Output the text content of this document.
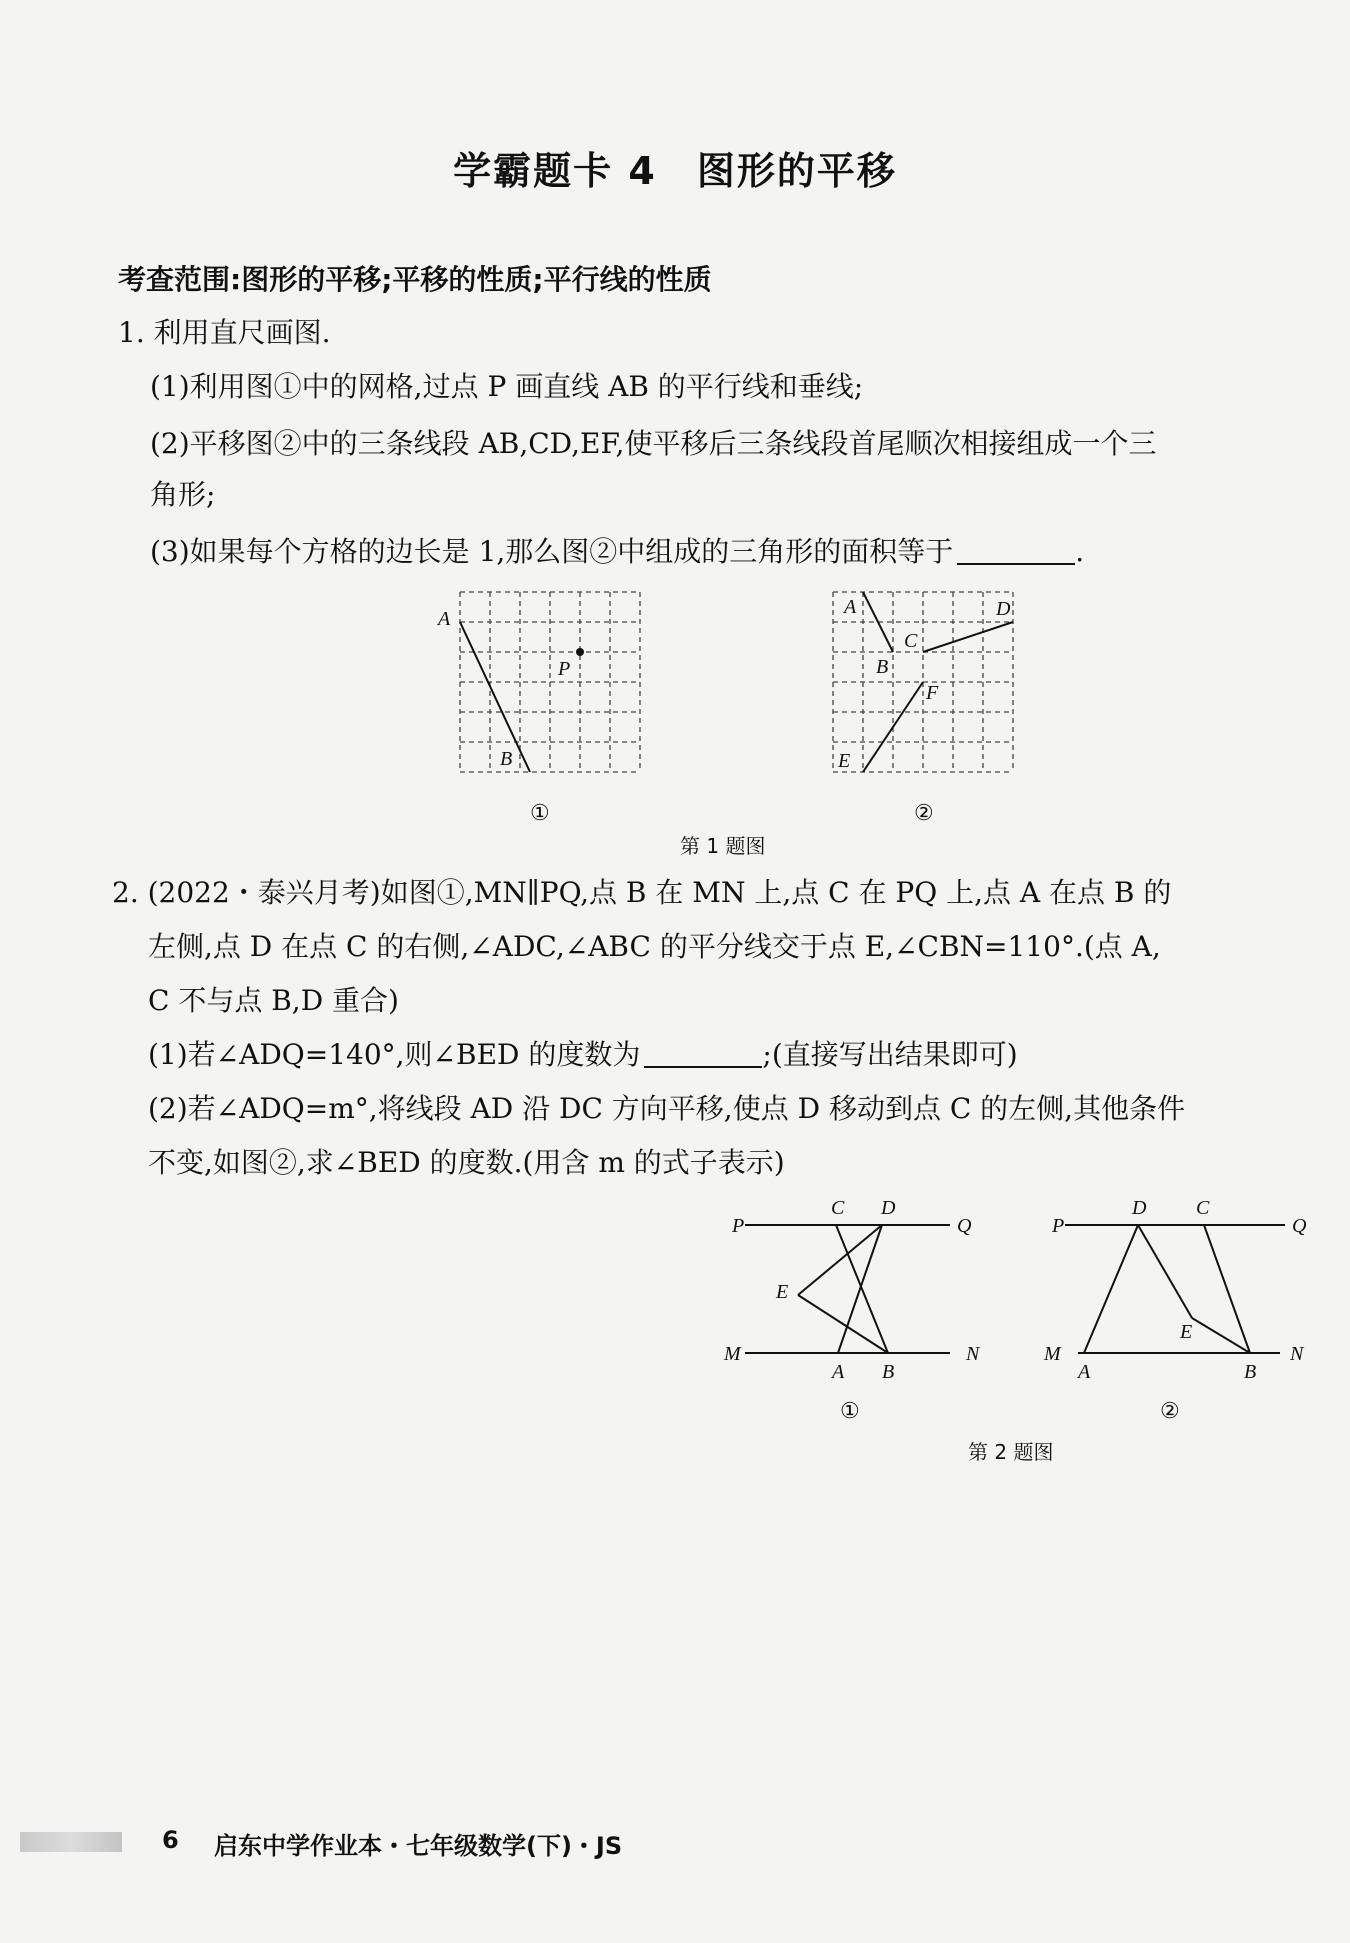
学霸题卡 4　图形的平移
考查范围:图形的平移;平移的性质;平行线的性质
1. 利用直尺画图.
(1)利用图①中的网格,过点 P 画直线 AB 的平行线和垂线;
(2)平移图②中的三条线段 AB,CD,EF,使平移后三条线段首尾顺次相接组成一个三
角形;
(3)如果每个方格的边长是 1,那么图②中组成的三角形的面积等于	.
A
B
P
①
A
B
C
D
E
F
②
第 1 题图
2. (2022・泰兴月考)如图①,MN∥PQ,点 B 在 MN 上,点 C 在 PQ 上,点 A 在点 B 的
左侧,点 D 在点 C 的右侧,∠ADC,∠ABC 的平分线交于点 E,∠CBN=110°.(点 A,
C 不与点 B,D 重合)
(1)若∠ADQ=140°,则∠BED 的度数为	;(直接写出结果即可)
(2)若∠ADQ=m°,将线段 AD 沿 DC 方向平移,使点 D 移动到点 C 的左侧,其他条件
不变,如图②,求∠BED 的度数.(用含 m 的式子表示)
P	Q
C D
E
M	N
A B
①
P	Q
D C
E
M	N
A	B
②
第 2 题图
6 启东中学作业本・七年级数学(下)・JS
